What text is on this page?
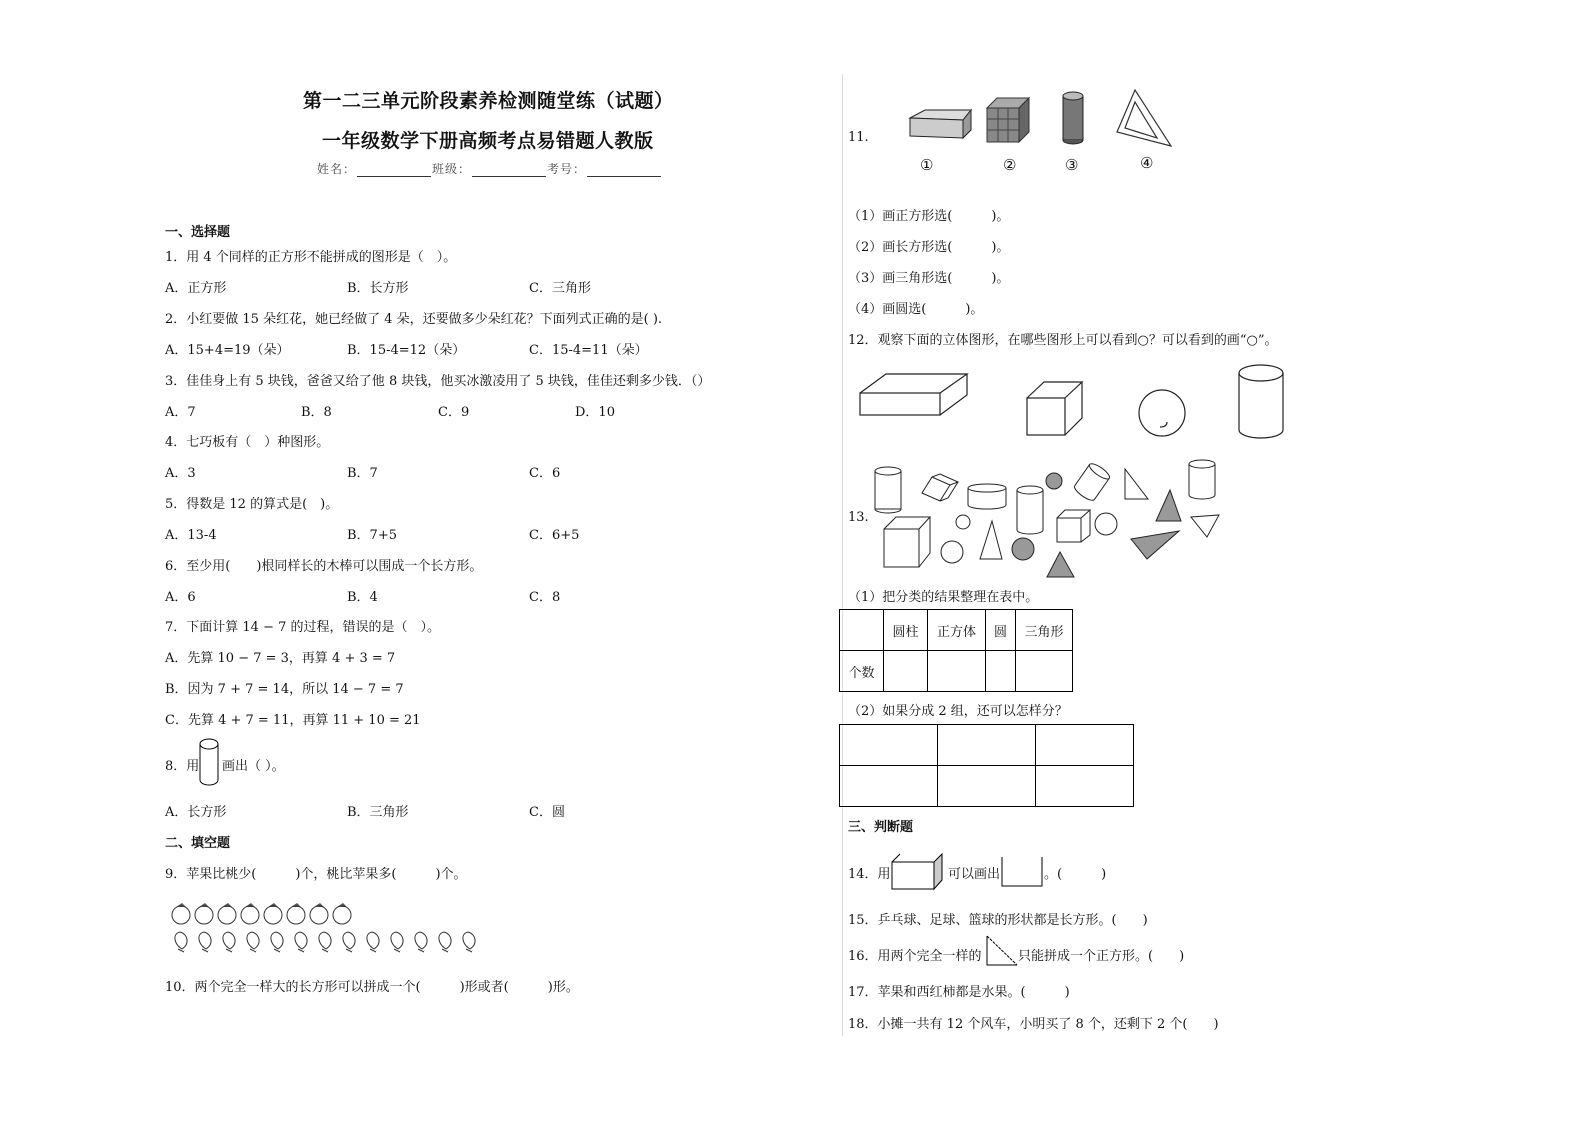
第一二三单元阶段素养检测随堂练（试题）
一年级数学下册高频考点易错题人教版
姓名：	班级：	考号：
一、选择题
1．用 4 个同样的正方形不能拼成的图形是（　）。
A．正方形	B．长方形	C．三角形
2．小红要做 15 朵红花，她已经做了 4 朵，还要做多少朵红花？下面列式正确的是( ).
A．15+4=19（朵）	B．15-4=12（朵）	C．15-4=11（朵）
3．佳佳身上有 5 块钱，爸爸又给了他 8 块钱，他买冰激凌用了 5 块钱，佳佳还剩多少钱．（）
A．7	B．8	C．9	D．10
4．七巧板有（　）种图形。
A．3	B．7	C．6
5．得数是 12 的算式是(　)。
A．13-4	B．7+5	C．6+5
6．至少用(　　)根同样长的木棒可以围成一个长方形。
A．6	B．4	C．8
7．下面计算 14 − 7 的过程，错误的是（　）。
A．先算 10 − 7 = 3，再算 4 + 3 = 7
B．因为 7 + 7 = 14，所以 14 − 7 = 7
C．先算 4 + 7 = 11，再算 11 + 10 = 21
8．用 画出（ ）。
A．长方形	B．三角形	C．圆
二、填空题
9．苹果比桃少(　　　)个，桃比苹果多(　　　)个。
10．两个完全一样大的长方形可以拼成一个(　　　)形或者(　　　)形。
11.
①	②	③	④
（1）画正方形选(　　　)。
（2）画长方形选(　　　)。
（3）画三角形选(　　　)。
（4）画圆选(　　　)。
12．观察下面的立体图形，在哪些图形上可以看到○？可以看到的画“○”。
13.
（1）把分类的结果整理在表中。
	圆柱	正方体	圆	三角形
个数				
（2）如果分成 2 组，还可以怎样分？

三、判断题
14．用	可以画出	。(　　　)
15．乒乓球、足球、篮球的形状都是长方形。(　　)
16．用两个完全一样的	只能拼成一个正方形。(　　)
17．苹果和西红柿都是水果。(　　　)
18．小摊一共有 12 个风车，小明买了 8 个，还剩下 2 个(　　)
